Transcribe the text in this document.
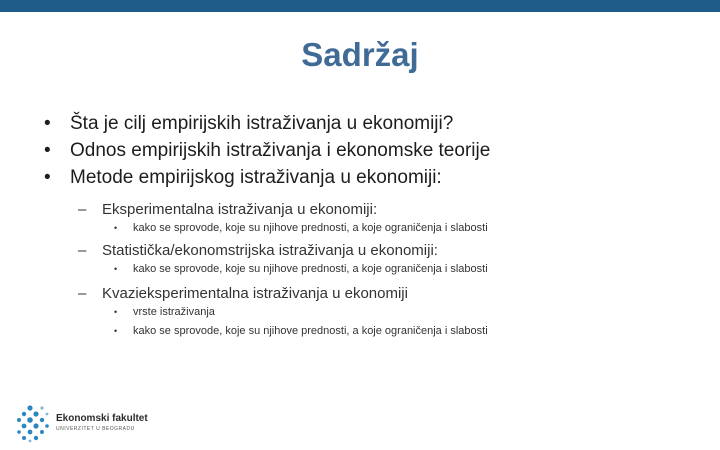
Sadržaj
• Šta je cilj empirijskih istraživanja u ekonomiji?
• Odnos empirijskih istraživanja i ekonomske teorije
• Metode empirijskog istraživanja u ekonomiji:
– Eksperimentalna istraživanja u ekonomiji:
• kako se sprovode, koje su njihove prednosti, a koje ograničenja i slabosti
– Statistička/ekonomstrijska istraživanja u ekonomiji:
• kako se sprovode, koje su njihove prednosti, a koje ograničenja i slabosti
– Kvazieksperimentalna istraživanja u ekonomiji
• vrste istraživanja
• kako se sprovode, koje su njihove prednosti, a koje ograničenja i slabosti
Ekonomski fakultet
UNIVERZITET U BEOGRADU
